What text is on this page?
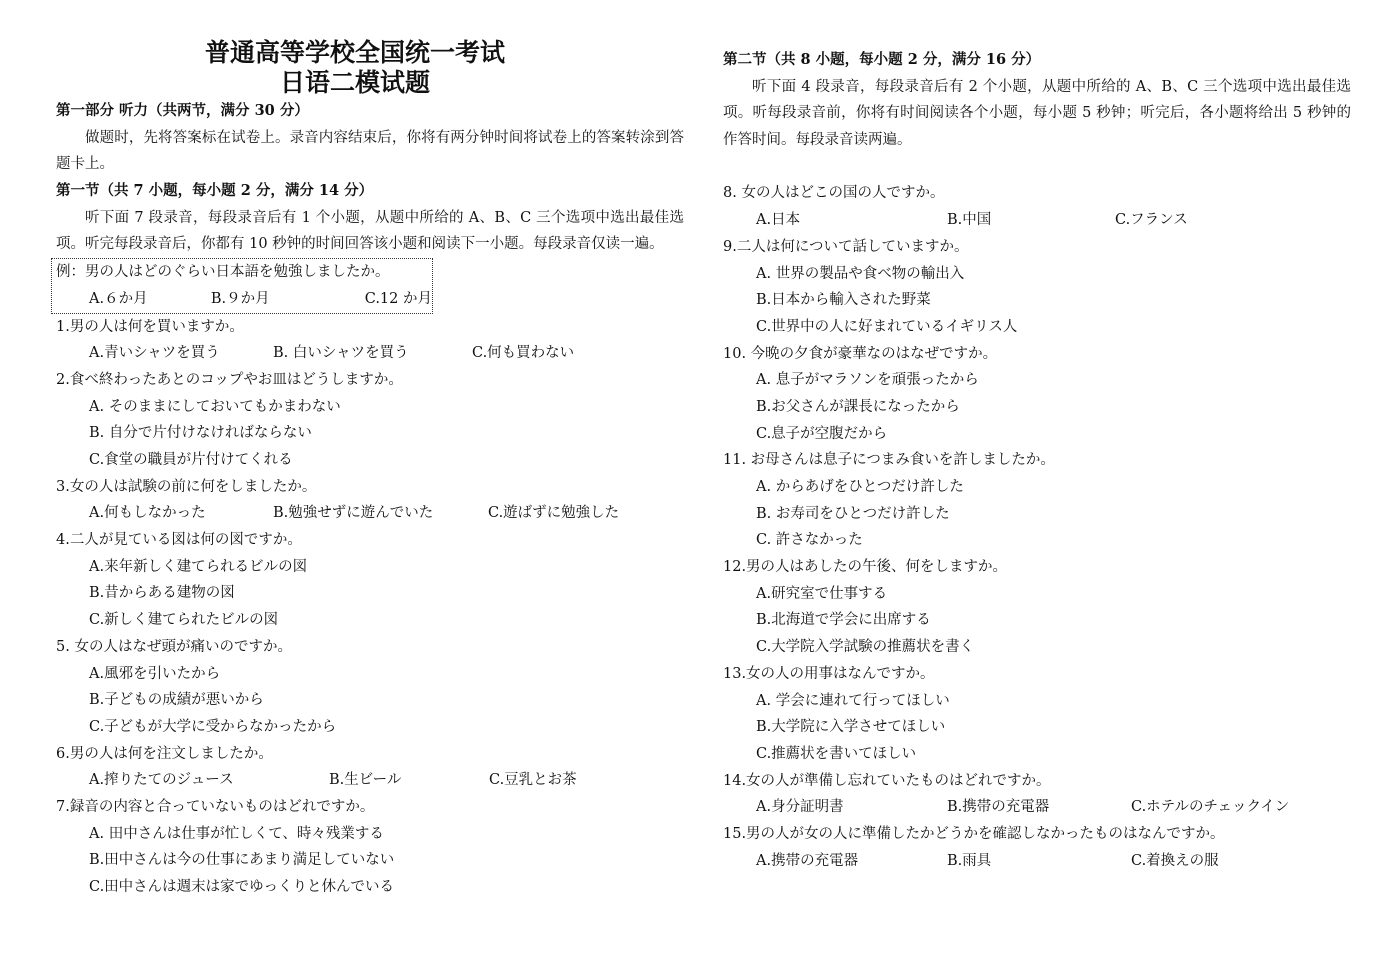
普通高等学校全国统一考试
日语二模试题
第一部分 听力（共两节，满分 30 分）
做题时，先将答案标在试卷上。录音内容结束后，你将有两分钟时间将试卷上的答案转涂到答题卡上。
第一节（共 7 小题，每小题 2 分，满分 14 分）
听下面 7 段录音，每段录音后有 1 个小题，从题中所给的 A、B、C 三个选项中选出最佳选项。听完每段录音后，你都有 10 秒钟的时间回答该小题和阅读下一小题。每段录音仅读一遍。
例：男の人はどのぐらい日本語を勉強しましたか。
A.６か月	B.９か月	C.12 か月
1.男の人は何を買いますか。
A.青いシャツを買う	B. 白いシャツを買う	C.何も買わない
2.食べ終わったあとのコップやお皿はどうしますか。
A. そのままにしておいてもかまわない
B. 自分で片付けなければならない
C.食堂の職員が片付けてくれる
3.女の人は試験の前に何をしましたか。
A.何もしなかった	B.勉強せずに遊んでいた	C.遊ばずに勉強した
4.二人が見ている図は何の図ですか。
A.来年新しく建てられるビルの図
B.昔からある建物の図
C.新しく建てられたビルの図
5. 女の人はなぜ頭が痛いのですか。
A.風邪を引いたから
B.子どもの成績が悪いから
C.子どもが大学に受からなかったから
6.男の人は何を注文しましたか。
A.搾りたてのジュース	B.生ビール	C.豆乳とお茶
7.録音の内容と合っていないものはどれですか。
A. 田中さんは仕事が忙しくて、時々残業する
B.田中さんは今の仕事にあまり満足していない
C.田中さんは週末は家でゆっくりと休んでいる
第二节（共 8 小题，每小题 2 分，满分 16 分）
听下面 4 段录音，每段录音后有 2 个小题，从题中所给的 A、B、C 三个选项中选出最佳选项。听每段录音前，你将有时间阅读各个小题，每小题 5 秒钟；听完后，各小题将给出 5 秒钟的作答时间。每段录音读两遍。
8. 女の人はどこの国の人ですか。
A.日本	B.中国	C.フランス
9.二人は何について話していますか。
A. 世界の製品や食べ物の輸出入
B.日本から輸入された野菜
C.世界中の人に好まれているイギリス人
10. 今晩の夕食が豪華なのはなぜですか。
A. 息子がマラソンを頑張ったから
B.お父さんが課長になったから
C.息子が空腹だから
11. お母さんは息子につまみ食いを許しましたか。
A. からあげをひとつだけ許した
B. お寿司をひとつだけ許した
C. 許さなかった
12.男の人はあしたの午後、何をしますか。
A.研究室で仕事する
B.北海道で学会に出席する
C.大学院入学試験の推薦状を書く
13.女の人の用事はなんですか。
A. 学会に連れて行ってほしい
B.大学院に入学させてほしい
C.推薦状を書いてほしい
14.女の人が準備し忘れていたものはどれですか。
A.身分証明書	B.携帯の充電器	C.ホテルのチェックイン
15.男の人が女の人に準備したかどうかを確認しなかったものはなんですか。
A.携帯の充電器	B.雨具	C.着換えの服
